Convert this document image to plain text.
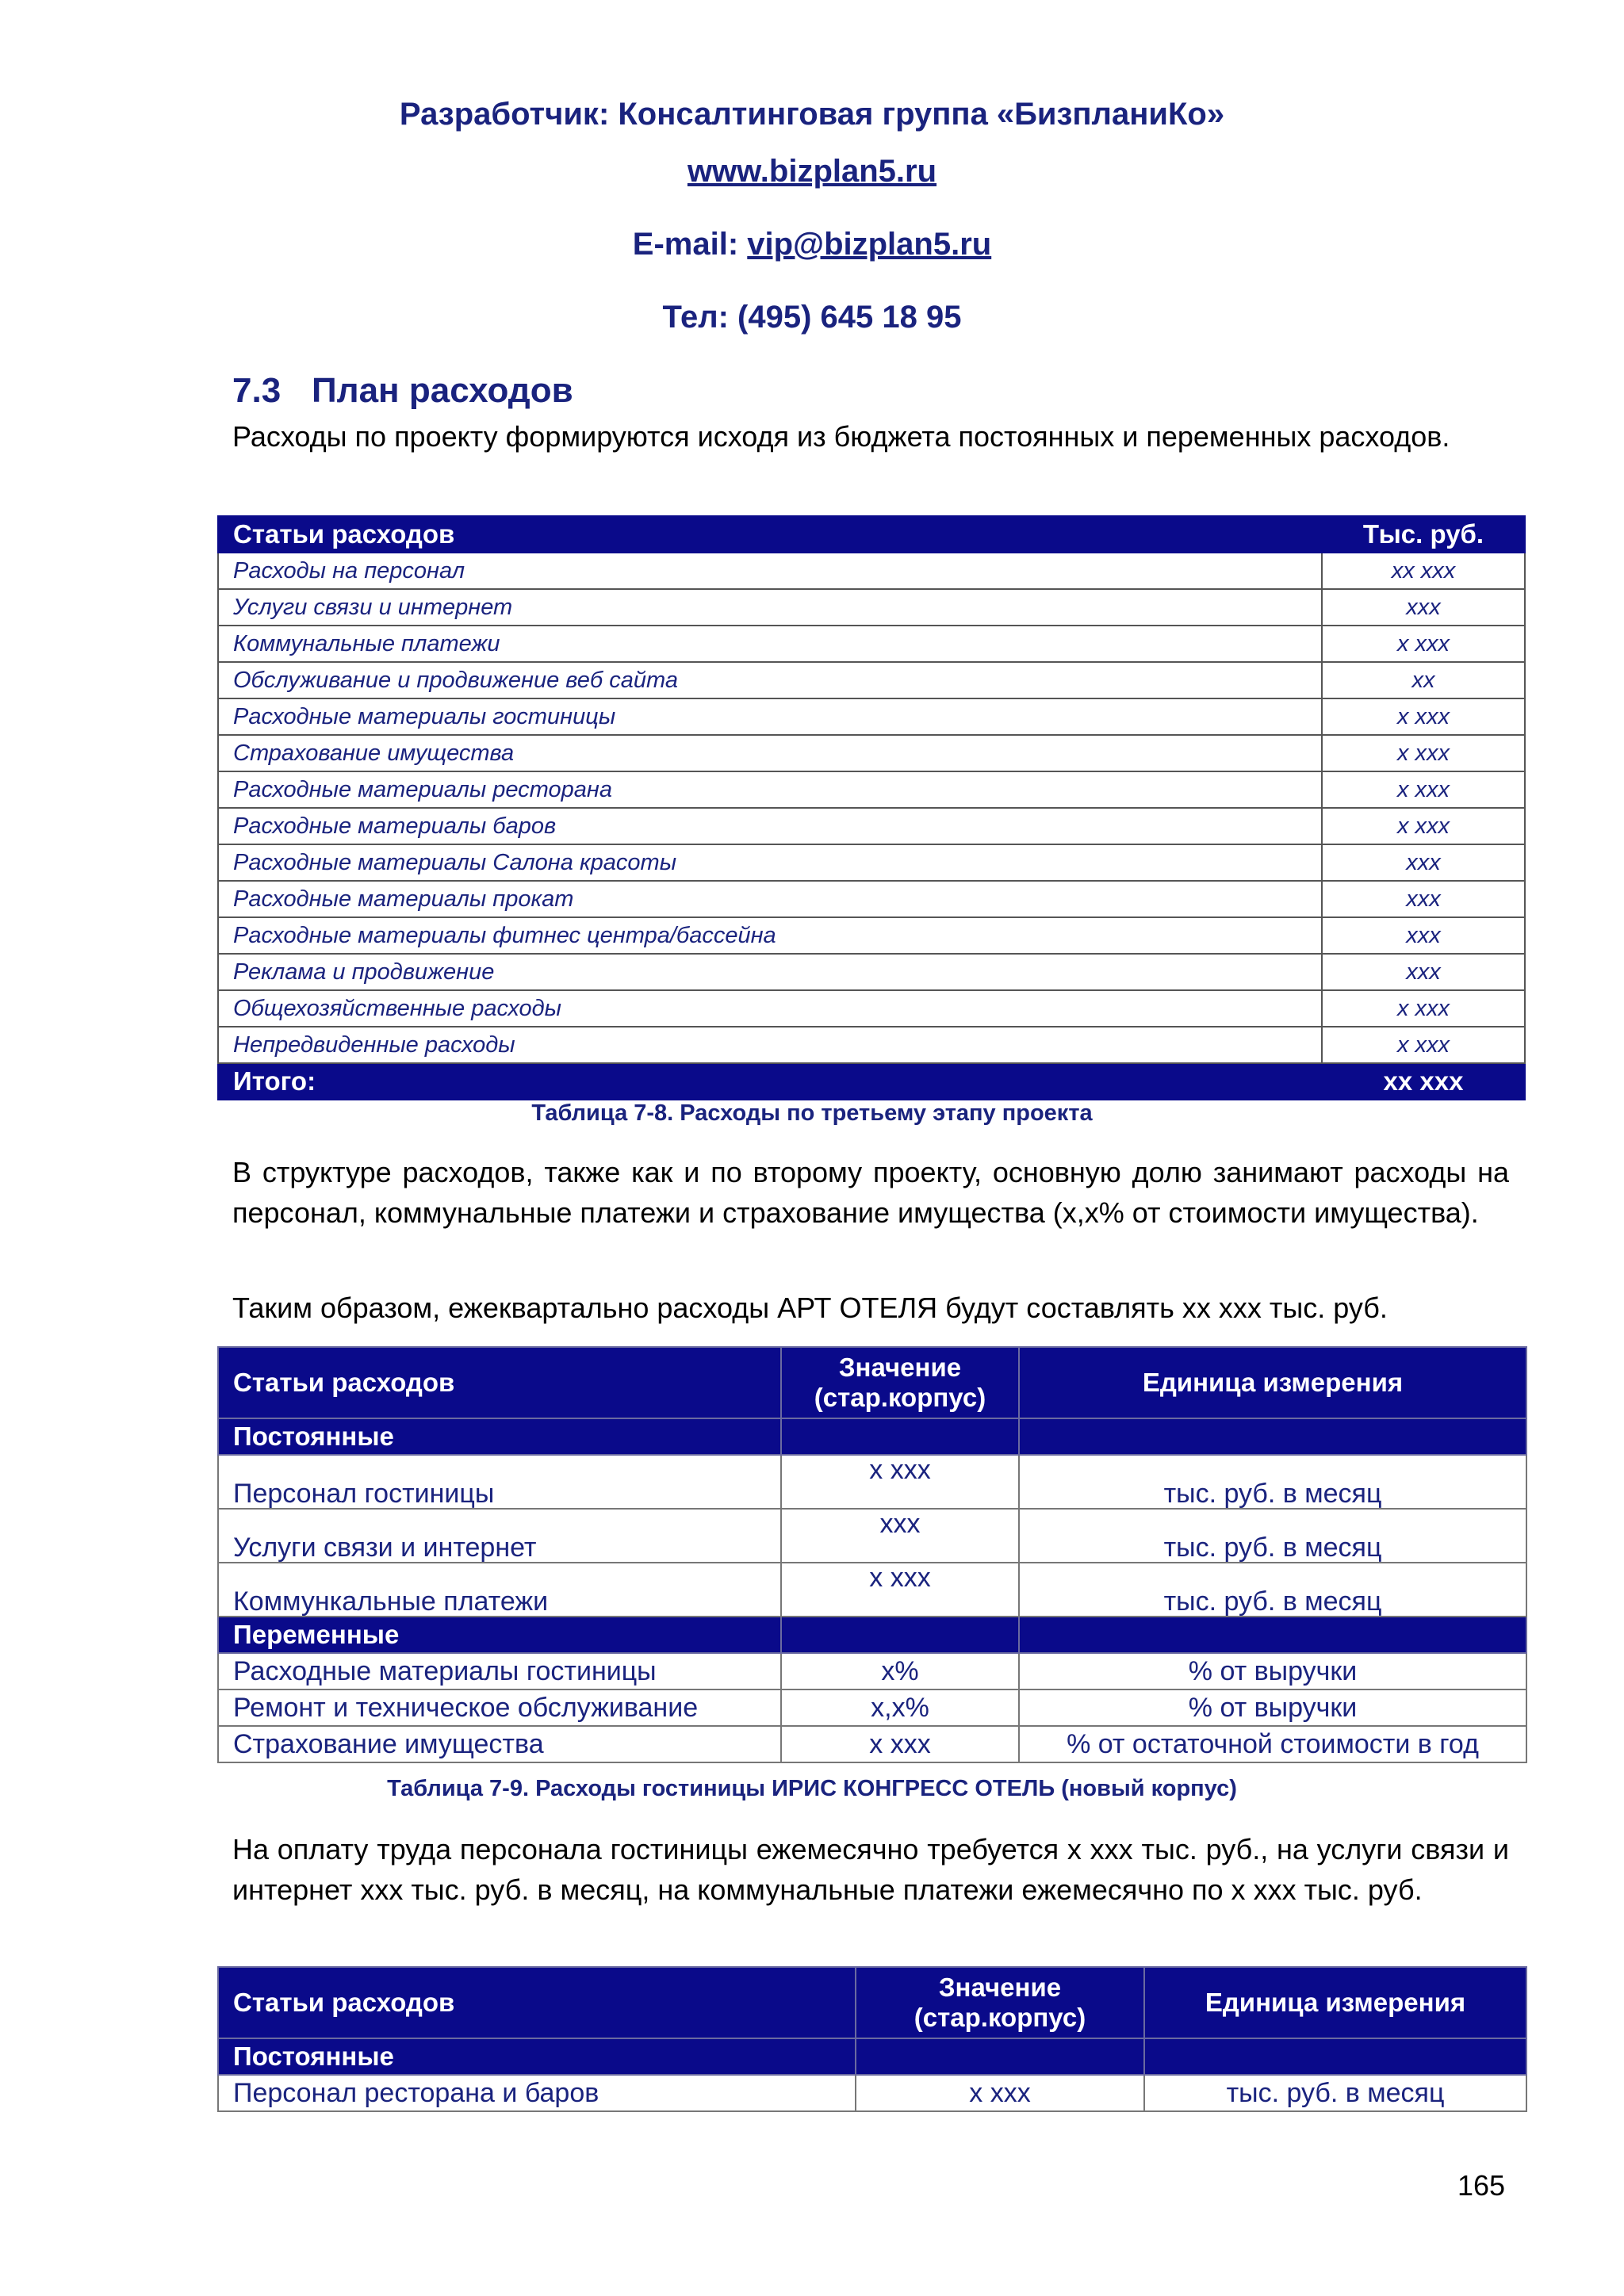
Разработчик: Консалтинговая группа «БизпланиКо»
www.bizplan5.ru
E-mail: vip@bizplan5.ru
Тел: (495) 645 18 95
7.3 План расходов
Расходы по проекту формируются исходя из бюджета постоянных и переменных расходов.
Статьи расходов	Тыс. руб.
Расходы на персонал	xx xxx
Услуги связи и интернет	xxx
Коммунальные платежи	x xxx
Обслуживание и продвижение веб сайта	xx
Расходные материалы гостиницы	x xxx
Страхование имущества	x xxx
Расходные материалы ресторана	x xxx
Расходные материалы баров	x xxx
Расходные материалы Салона красоты	xxx
Расходные материалы прокат	xxx
Расходные материалы фитнес центра/бассейна	xxx
Реклама и продвижение	xxx
Общехозяйственные расходы	x xxx
Непредвиденные расходы	x xxx
Итого:	xx xxx
Таблица 7-8. Расходы по третьему этапу проекта
В структуре расходов, также как и по второму проекту, основную долю занимают расходы на персонал, коммунальные платежи и страхование имущества (x,x% от стоимости имущества).
Таким образом, ежеквартально расходы АРТ ОТЕЛЯ будут составлять xx xxx тыс. руб.
Статьи расходов	Значение (стар.корпус)	Единица измерения
Постоянные		
Персонал гостиницы	x xxx	тыс. руб. в месяц
Услуги связи и интернет	xxx	тыс. руб. в месяц
Коммункальные платежи	x xxx	тыс. руб. в месяц
Переменные		
Расходные материалы гостиницы	x%	% от выручки
Ремонт и техническое обслуживание	x,x%	% от выручки
Страхование имущества	x xxx	% от остаточной стоимости в год
Таблица 7-9. Расходы гостиницы ИРИС КОНГРЕСС ОТЕЛЬ (новый корпус)
На оплату труда персонала гостиницы ежемесячно требуется x xxx тыс. руб., на услуги связи и интернет xxx тыс. руб. в месяц, на коммунальные платежи ежемесячно по x xxx тыс. руб.
Статьи расходов	Значение (стар.корпус)	Единица измерения
Постоянные		
Персонал ресторана и баров	x xxx	тыс. руб. в месяц
165
